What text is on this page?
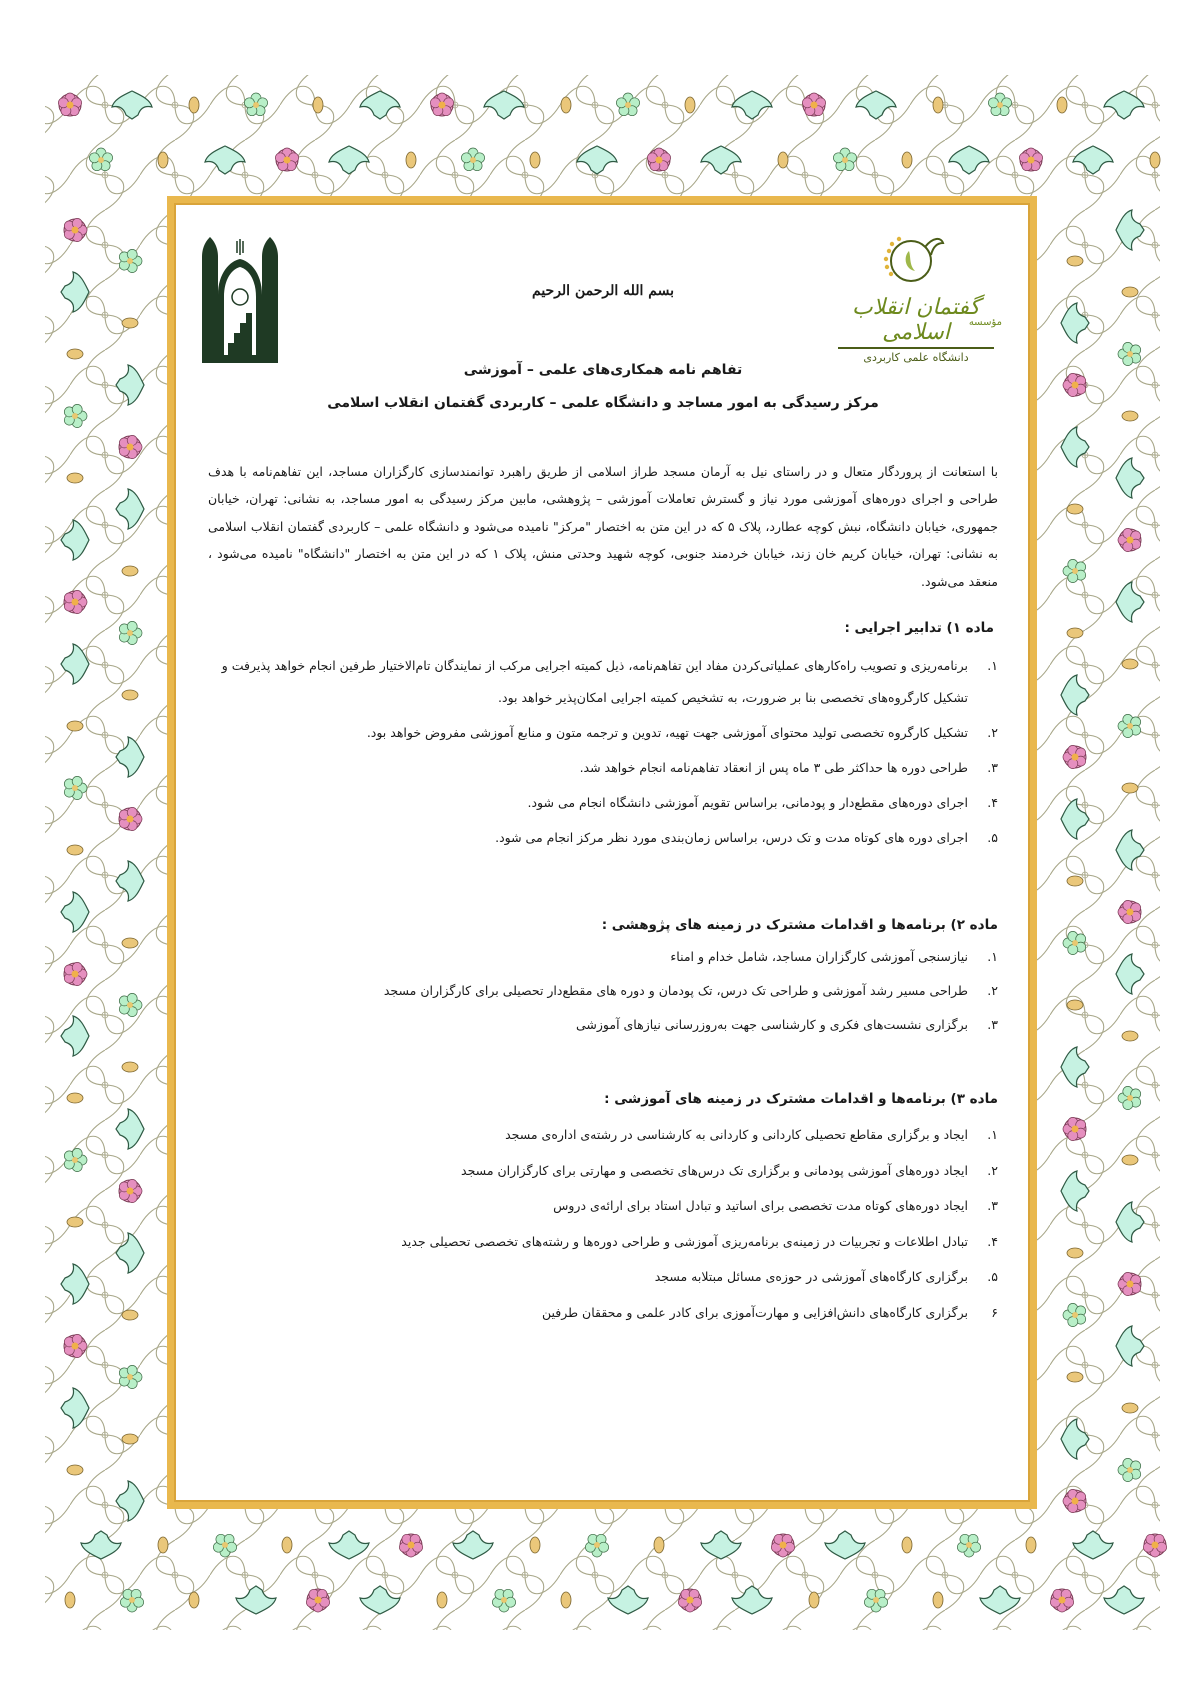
گفتمان انقلاب اسلامی	مؤسسه
دانشگاه علمی کاربردی
بسم الله الرحمن الرحیم
تفاهم نامه همکاری‌های علمی – آموزشی
مرکز رسیدگی به امور مساجد و دانشگاه علمی – کاربردی گفتمان انقلاب اسلامی

با استعانت از پروردگار متعال و در راستای نیل به آرمان مسجد طراز اسلامی از طریق راهبرد توانمندسازی کارگزاران مساجد، این تفاهم‌نامه با هدف طراحی و اجرای دوره‌های آموزشی مورد نیاز و گسترش تعاملات آموزشی – پژوهشی، مابین مرکز رسیدگی به امور مساجد، به نشانی: تهران، خیابان جمهوری، خیابان دانشگاه، نبش کوچه عطارد، پلاک ۵ که در این متن به اختصار "مرکز" نامیده می‌شود و دانشگاه علمی – کاربردی گفتمان انقلاب اسلامی به نشانی: تهران، خیابان کریم خان زند، خیابان خردمند جنوبی، کوچه شهید وحدتی منش، پلاک ۱ که در این متن به اختصار "دانشگاه" نامیده می‌شود ، منعقد می‌شود.

ماده ۱) تدابیر اجرایی :
۱.
برنامه‌ریزی و تصویب راه‌کارهای عملیاتی‌کردن مفاد این تفاهم‌نامه، ذیل کمیته اجرایی مرکب از نمایندگان تام‌الاختیار طرفین انجام خواهد پذیرفت و تشکیل کارگروه‌های تخصصی بنا بر ضرورت، به تشخیص کمیته اجرایی امکان‌پذیر خواهد بود.
۲.
تشکیل کارگروه تخصصی تولید محتوای آموزشی جهت تهیه، تدوین و ترجمه متون و منابع آموزشی مفروض خواهد بود.
۳.
طراحی دوره ها حداکثر طی ۳ ماه پس از انعقاد تفاهم‌نامه انجام خواهد شد.
۴.
اجرای دوره‌های مقطع‌دار و پودمانی، براساس تقویم آموزشی دانشگاه انجام می شود.
۵.
اجرای دوره های کوتاه مدت و تک درس، براساس زمان‌بندی مورد نظر مرکز انجام می شود.
ماده ۲) برنامه‌ها و اقدامات مشترک در زمینه های پژوهشی :
۱.
نیازسنجی آموزشی کارگزاران مساجد، شامل خدام و امناء
۲.
طراحی مسیر رشد آموزشی و طراحی تک درس، تک پودمان و دوره های مقطع‌دار تحصیلی برای کارگزاران مسجد
۳.
برگزاری نشست‌های فکری و کارشناسی جهت به‌روزرسانی نیازهای آموزشی
ماده ۳) برنامه‌ها و اقدامات مشترک در زمینه های آموزشی :
۱.
ایجاد و برگزاری مقاطع تحصیلی کاردانی و کاردانی به کارشناسی در رشته‌ی اداره‌ی مسجد
۲.
ایجاد دوره‌های آموزشی پودمانی و برگزاری تک درس‌های تخصصی و مهارتی برای کارگزاران مسجد
۳.
ایجاد دوره‌های کوتاه مدت تخصصی برای اساتید و تبادل استاد برای ارائه‌ی دروس
۴.
تبادل اطلاعات و تجربیات در زمینه‌ی برنامه‌ریزی آموزشی و طراحی دوره‌ها و رشته‌های تخصصی تحصیلی جدید
۵.
برگزاری کارگاه‌های آموزشی در حوزه‌ی مسائل مبتلابه مسجد
۶
برگزاری کارگاه‌های دانش‌افزایی و مهارت‌آموزی برای کادر علمی و محققان طرفین
